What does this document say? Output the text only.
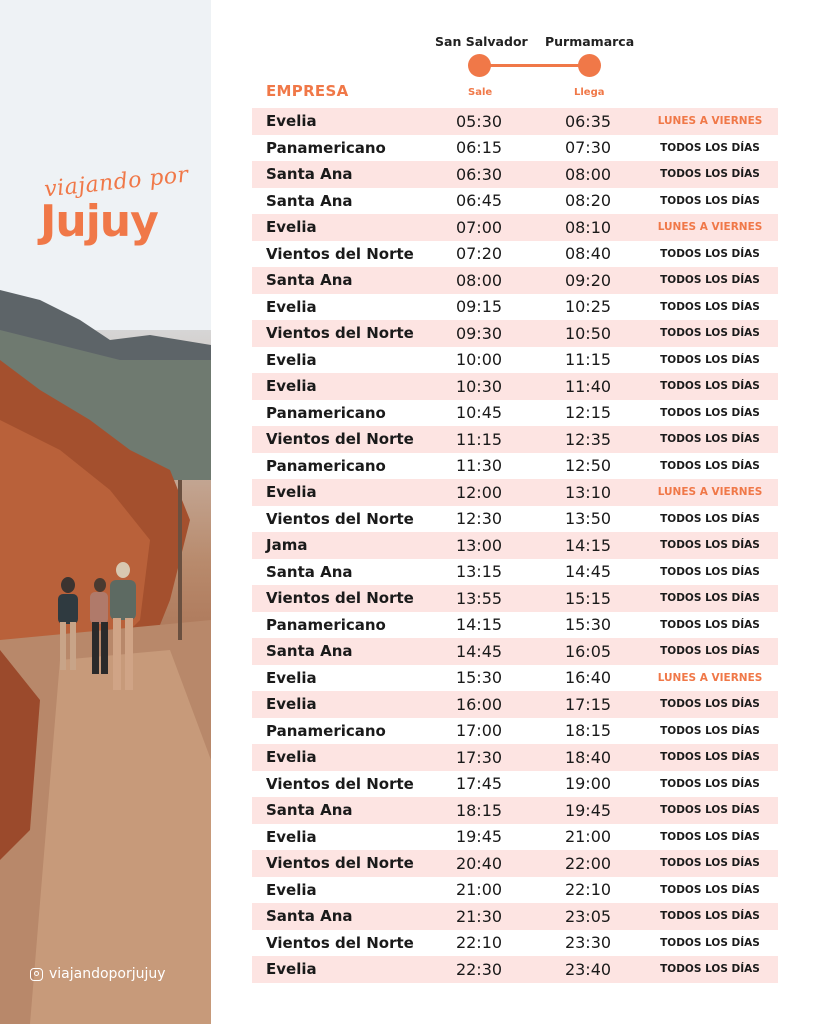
viajando por
Jujuy
viajandoporjujuy
San Salvador Purmamarca
Sale	Llega
EMPRESA
Evelia	05:30	06:35	LUNES A VIERNES
Panamericano	06:15	07:30	TODOS LOS DÍAS
Santa Ana	06:30	08:00	TODOS LOS DÍAS
Santa Ana	06:45	08:20	TODOS LOS DÍAS
Evelia	07:00	08:10	LUNES A VIERNES
Vientos del Norte	07:20	08:40	TODOS LOS DÍAS
Santa Ana	08:00	09:20	TODOS LOS DÍAS
Evelia	09:15	10:25	TODOS LOS DÍAS
Vientos del Norte	09:30	10:50	TODOS LOS DÍAS
Evelia	10:00	11:15	TODOS LOS DÍAS
Evelia	10:30	11:40	TODOS LOS DÍAS
Panamericano	10:45	12:15	TODOS LOS DÍAS
Vientos del Norte	11:15	12:35	TODOS LOS DÍAS
Panamericano	11:30	12:50	TODOS LOS DÍAS
Evelia	12:00	13:10	LUNES A VIERNES
Vientos del Norte	12:30	13:50	TODOS LOS DÍAS
Jama	13:00	14:15	TODOS LOS DÍAS
Santa Ana	13:15	14:45	TODOS LOS DÍAS
Vientos del Norte	13:55	15:15	TODOS LOS DÍAS
Panamericano	14:15	15:30	TODOS LOS DÍAS
Santa Ana	14:45	16:05	TODOS LOS DÍAS
Evelia	15:30	16:40	LUNES A VIERNES
Evelia	16:00	17:15	TODOS LOS DÍAS
Panamericano	17:00	18:15	TODOS LOS DÍAS
Evelia	17:30	18:40	TODOS LOS DÍAS
Vientos del Norte	17:45	19:00	TODOS LOS DÍAS
Santa Ana	18:15	19:45	TODOS LOS DÍAS
Evelia	19:45	21:00	TODOS LOS DÍAS
Vientos del Norte	20:40	22:00	TODOS LOS DÍAS
Evelia	21:00	22:10	TODOS LOS DÍAS
Santa Ana	21:30	23:05	TODOS LOS DÍAS
Vientos del Norte	22:10	23:30	TODOS LOS DÍAS
Evelia	22:30	23:40	TODOS LOS DÍAS
